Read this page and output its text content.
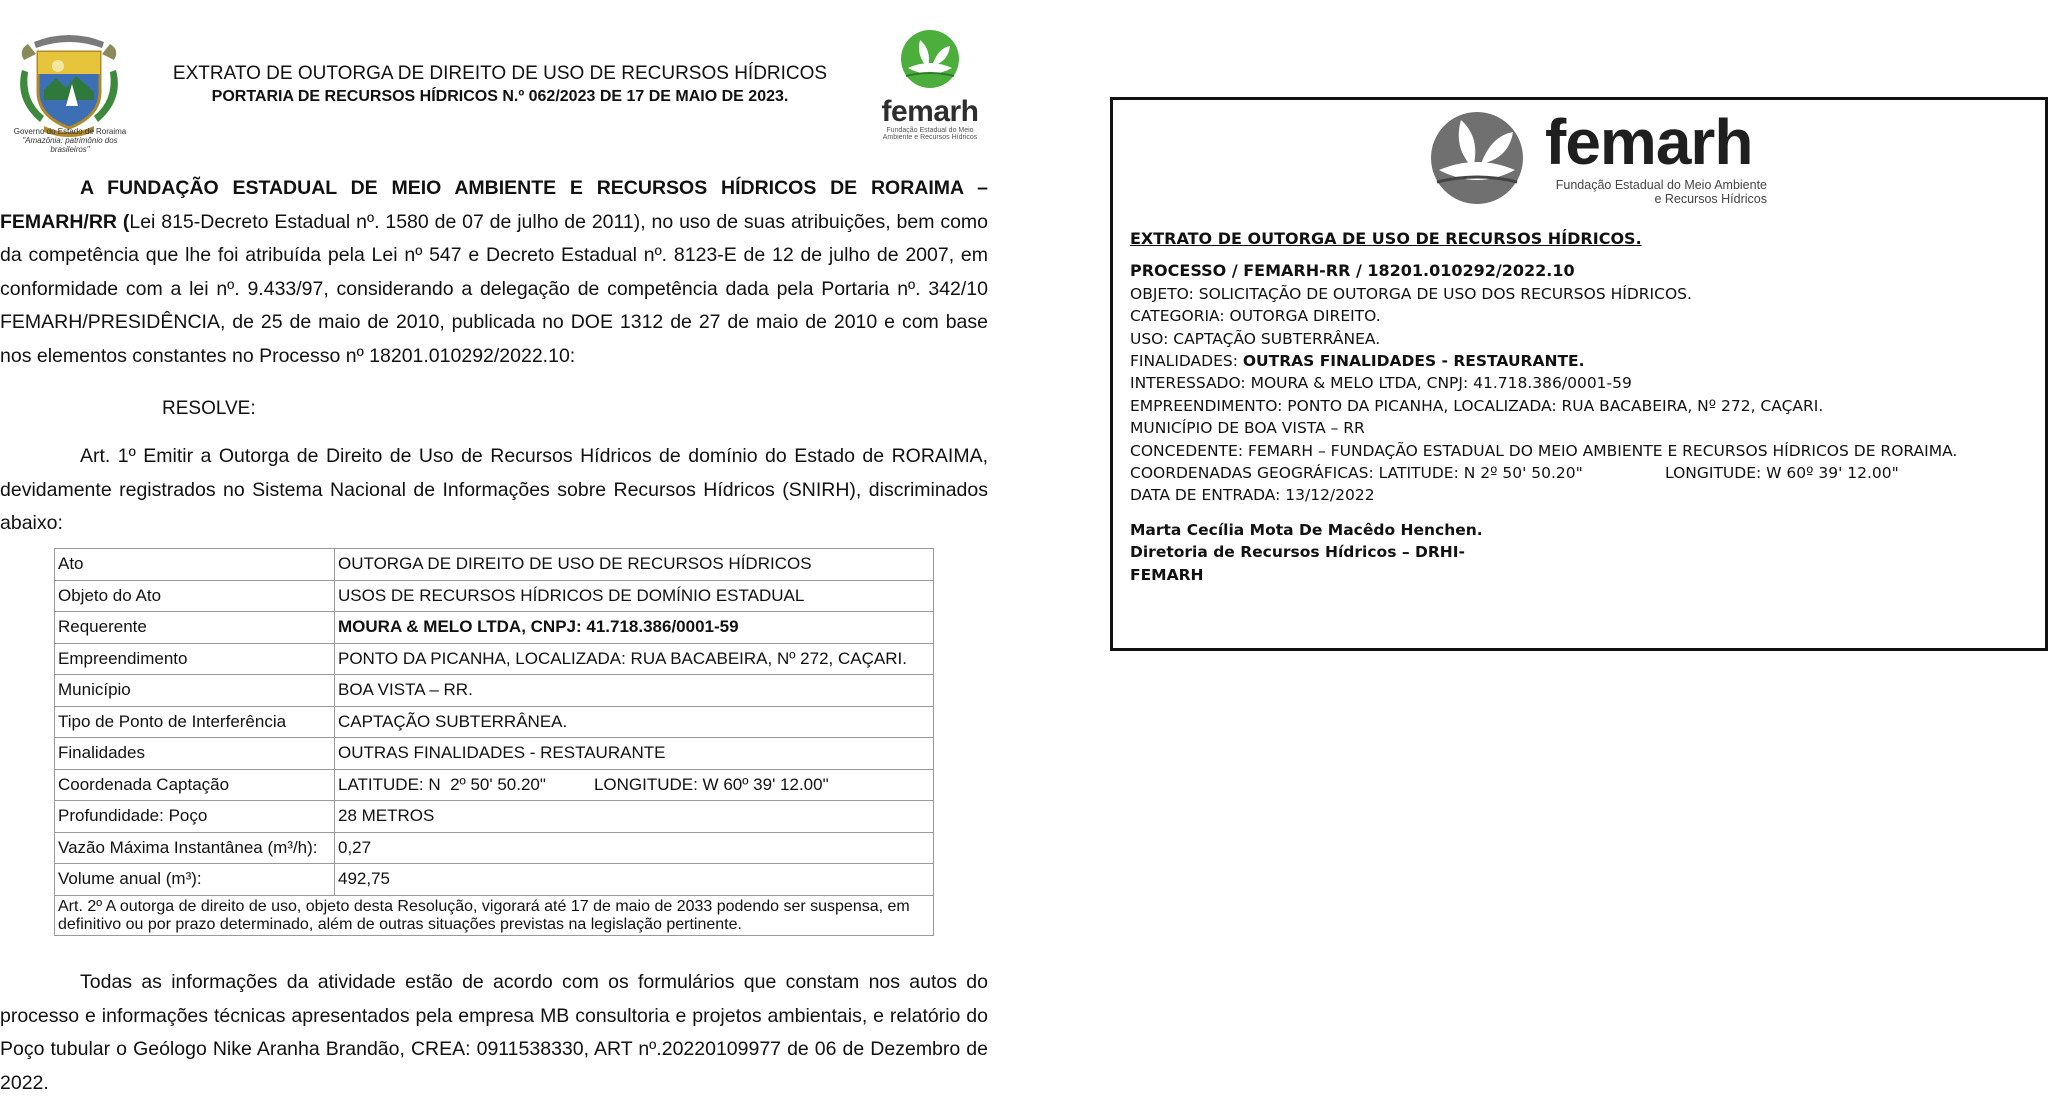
Governo do Estado de Roraima
"Amazônia: patrimônio dos brasileiros"
EXTRATO DE OUTORGA DE DIREITO DE USO DE RECURSOS HÍDRICOS
PORTARIA DE RECURSOS HÍDRICOS N.º 062/2023 DE 17 DE MAIO DE 2023.	femarh
Fundação Estadual do Meio Ambiente e Recursos Hídricos
A FUNDAÇÃO ESTADUAL DE MEIO AMBIENTE E RECURSOS HÍDRICOS DE RORAIMA –
FEMARH/RR (Lei 815-Decreto Estadual nº. 1580 de 07 de julho de 2011), no uso de suas atribuições, bem como da competência que lhe foi atribuída pela Lei nº 547 e Decreto Estadual nº. 8123-E de 12 de julho de 2007, em conformidade com a lei nº. 9.433/97, considerando a delegação de competência dada pela Portaria nº. 342/10 FEMARH/PRESIDÊNCIA, de 25 de maio de 2010, publicada no DOE 1312 de 27 de maio de 2010 e com base nos elementos constantes no Processo nº 18201.010292/2022.10:
RESOLVE:
Art. 1º Emitir a Outorga de Direito de Uso de Recursos Hídricos de domínio do Estado de RORAIMA, devidamente registrados no Sistema Nacional de Informações sobre Recursos Hídricos (SNIRH), discriminados abaixo:
Ato	OUTORGA DE DIREITO DE USO DE RECURSOS HÍDRICOS
Objeto do Ato	USOS DE RECURSOS HÍDRICOS DE DOMÍNIO ESTADUAL
Requerente	MOURA & MELO LTDA, CNPJ: 41.718.386/0001-59
Empreendimento	PONTO DA PICANHA, LOCALIZADA: RUA BACABEIRA, Nº 272, CAÇARI.
Município	BOA VISTA – RR.
Tipo de Ponto de Interferência	CAPTAÇÃO SUBTERRÂNEA.
Finalidades	OUTRAS FINALIDADES - RESTAURANTE
Coordenada Captação	LATITUDE: N  2º 50' 50.20" LONGITUDE: W 60º 39' 12.00"
Profundidade: Poço	28 METROS
Vazão Máxima Instantânea (m³/h):	0,27
Volume anual (m³):	492,75
Art. 2º A outorga de direito de uso, objeto desta Resolução, vigorará até 17 de maio de 2033 podendo ser suspensa, em definitivo ou por prazo determinado, além de outras situações previstas na legislação pertinente.	
Todas as informações da atividade estão de acordo com os formulários que constam nos autos do processo e informações técnicas apresentados pela empresa MB consultoria e projetos ambientais, e relatório do Poço tubular o Geólogo Nike Aranha Brandão, CREA: 0911538330, ART nº.20220109977 de 06 de Dezembro de 2022.
femarh
Fundação Estadual do Meio Ambiente
e Recursos Hídricos
EXTRATO DE OUTORGA DE USO DE RECURSOS HÍDRICOS.
PROCESSO / FEMARH-RR / 18201.010292/2022.10
OBJETO: SOLICITAÇÃO DE OUTORGA DE USO DOS RECURSOS HÍDRICOS.
CATEGORIA: OUTORGA DIREITO.
USO: CAPTAÇÃO SUBTERRÂNEA.
FINALIDADES: OUTRAS FINALIDADES - RESTAURANTE.
INTERESSADO: MOURA & MELO LTDA, CNPJ: 41.718.386/0001-59
EMPREENDIMENTO: PONTO DA PICANHA, LOCALIZADA: RUA BACABEIRA, Nº 272, CAÇARI.
MUNICÍPIO DE BOA VISTA – RR
CONCEDENTE: FEMARH – FUNDAÇÃO ESTADUAL DO MEIO AMBIENTE E RECURSOS HÍDRICOS DE RORAIMA.
COORDENADAS GEOGRÁFICAS: LATITUDE: N 2º 50' 50.20"	LONGITUDE: W 60º 39' 12.00"
DATA DE ENTRADA: 13/12/2022
Marta Cecília Mota De Macêdo Henchen.
Diretoria de Recursos Hídricos – DRHI-
FEMARH
